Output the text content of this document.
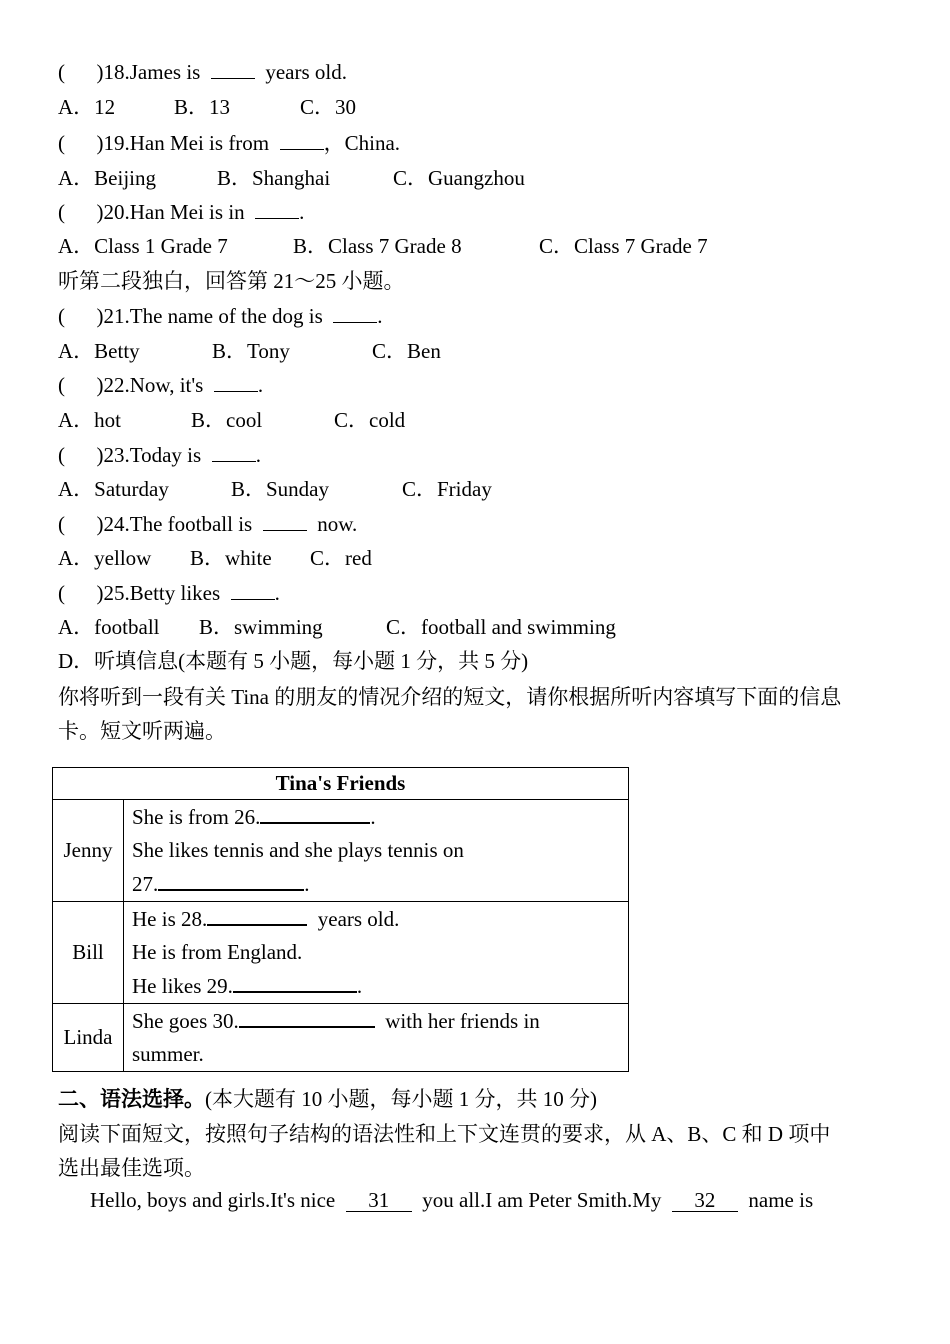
( )18.James is	years old.
A．12	B．13	C．30
( )19.Han Mei is from	，China.
A．Beijing	B．Shanghai	C．Guangzhou
( )20.Han Mei is in	.
A．Class 1 Grade 7	B．Class 7 Grade 8	C．Class 7 Grade 7
听第二段独白，回答第 21～25 小题。
( )21.The name of the dog is	.
A．Betty	B．Tony	C．Ben
( )22.Now, it's	.
A．hot	B．cool	C．cold
( )23.Today is	.
A．Saturday	B．Sunday	C．Friday
( )24.The football is	now.
A．yellow B．white C．red
( )25.Betty likes	.
A．football B．swimming	C．football and swimming
D．听填信息(本题有 5 小题，每小题 1 分，共 5 分)
你将听到一段有关 Tina 的朋友的情况介绍的短文，请你根据所听内容填写下面的信息
卡。短文听两遍。
Tina's Friends	
Jenny	She is from 26. .
She likes tennis and she plays tennis on
27. .

Bill	He is 28. years old.
He is from England.
He likes 29. .

Linda	She goes 30. with her friends in
summer.
二、语法选择。(本大题有 10 小题，每小题 1 分，共 10 分)
阅读下面短文，按照句子结构的语法性和上下文连贯的要求，从 A、B、C 和 D 项中
选出最佳选项。
Hello, boys and girls.It's nice 31 you all.I am Peter Smith.My 32 name is
